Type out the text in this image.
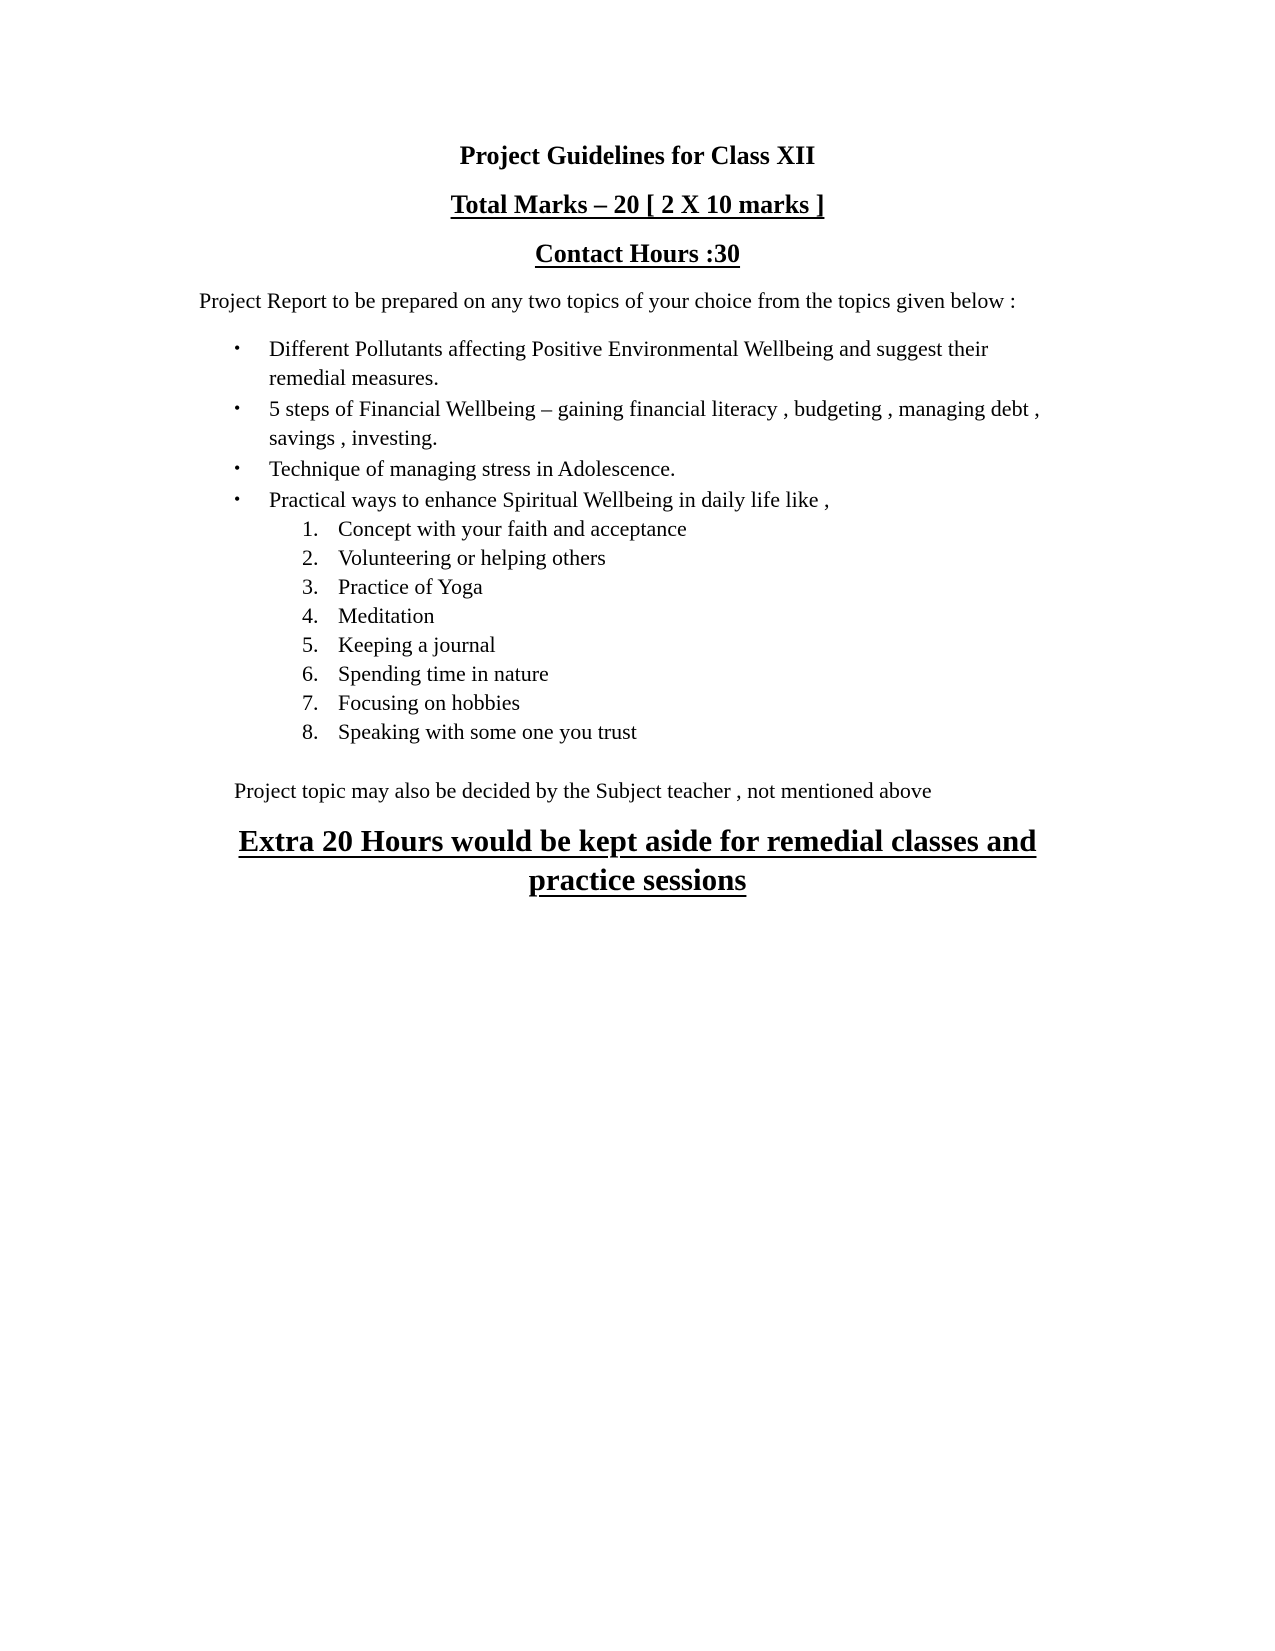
Project Guidelines for Class XII
Total Marks – 20 [ 2 X 10 marks ]
Contact Hours :30

Project Report to be prepared on any two topics of your choice from the topics given below :

• Different Pollutants affecting Positive Environmental Wellbeing and suggest their remedial measures.
• 5 steps of Financial Wellbeing – gaining financial literacy , budgeting , managing debt , savings , investing.
• Technique of managing stress in Adolescence.
• Practical ways to enhance Spiritual Wellbeing in daily life like ,
1. Concept with your faith and acceptance
2. Volunteering or helping others
3. Practice of Yoga
4. Meditation
5. Keeping a journal
6. Spending time in nature
7. Focusing on hobbies
8. Speaking with some one you trust

Project topic may also be decided by the Subject teacher , not mentioned above

Extra 20 Hours would be kept aside for remedial classes and practice sessions
